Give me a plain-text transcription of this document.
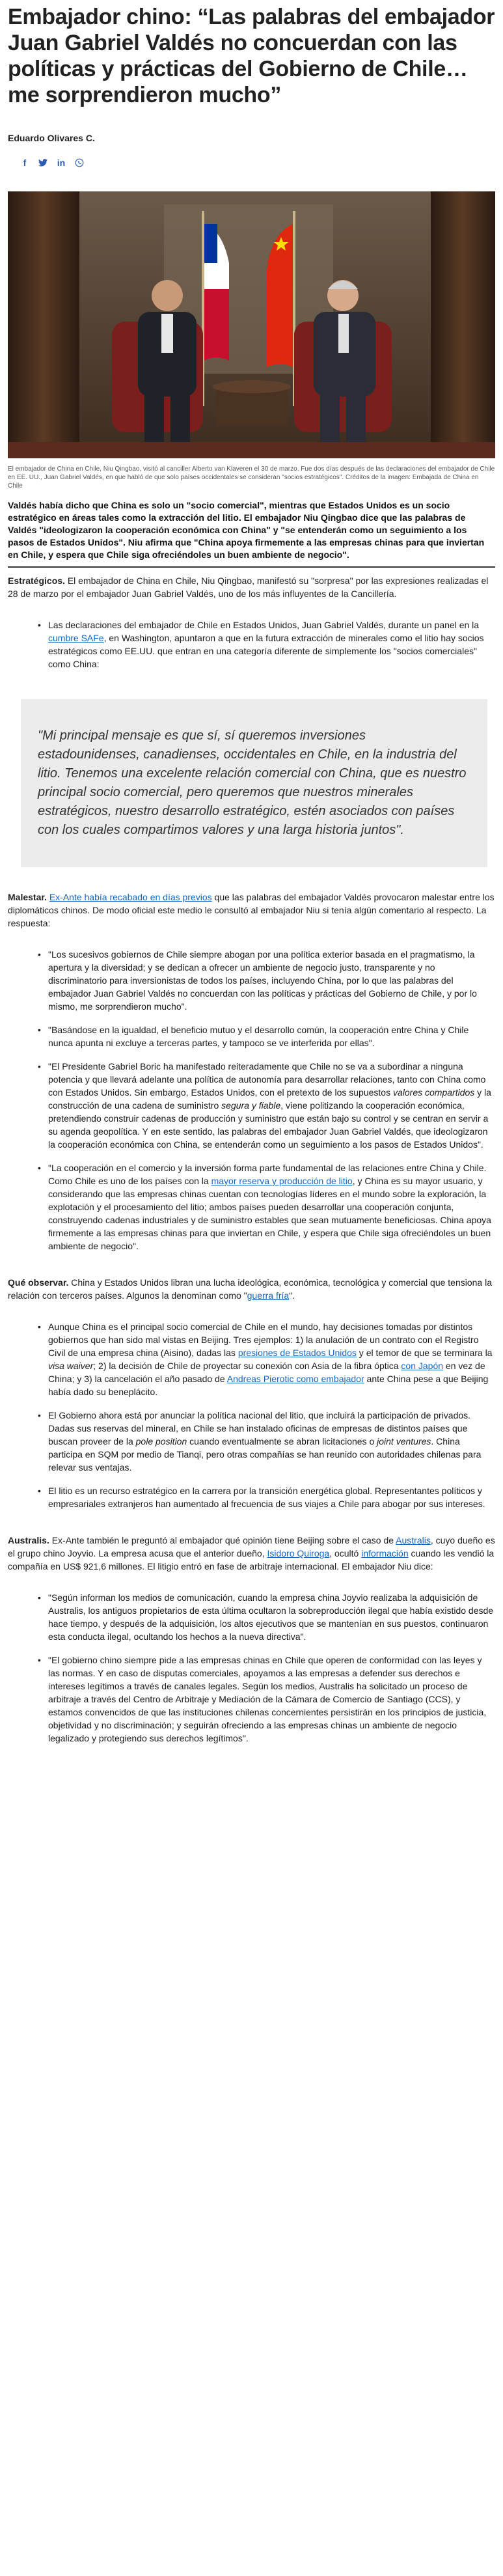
Embajador chino: “Las palabras del embajador Juan Gabriel Valdés no concuerdan con las políticas y prácticas del Gobierno de Chile… me sorprendieron mucho”
Eduardo Olivares C.
f	in

El embajador de China en Chile, Niu Qingbao, visitó al canciller Alberto van Klaveren el 30 de marzo. Fue dos días después de las declaraciones del embajador de Chile en EE. UU., Juan Gabriel Valdés, en que habló de que solo países occidentales se consideran "socios estratégicos". Créditos de la imagen: Embajada de China en Chile

Valdés había dicho que China es solo un "socio comercial", mientras que Estados Unidos es un socio estratégico en áreas tales como la extracción del litio. El embajador Niu Qingbao dice que las palabras de Valdés "ideologizaron la cooperación económica con China" y "se entenderán como un seguimiento a los pasos de Estados Unidos". Niu afirma que "China apoya firmemente a las empresas chinas para que inviertan en Chile, y espera que Chile siga ofreciéndoles un buen ambiente de negocio".

Estratégicos. El embajador de China en Chile, Niu Qingbao, manifestó su "sorpresa" por las expresiones realizadas el 28 de marzo por el embajador Juan Gabriel Valdés, uno de los más influyentes de la Cancillería.

• Las declaraciones del embajador de Chile en Estados Unidos, Juan Gabriel Valdés, durante un panel en la cumbre SAFe, en Washington, apuntaron a que en la futura extracción de minerales como el litio hay socios estratégicos como EE.UU. que entran en una categoría diferente de simplemente los "socios comerciales" como China:
"Mi principal mensaje es que sí, sí queremos inversiones estadounidenses, canadienses, occidentales en Chile, en la industria del litio. Tenemos una excelente relación comercial con China, que es nuestro principal socio comercial, pero queremos que nuestros minerales estratégicos, nuestro desarrollo estratégico, estén asociados con países con los cuales compartimos valores y una larga historia juntos".

Malestar. Ex-Ante había recabado en días previos que las palabras del embajador Valdés provocaron malestar entre los diplomáticos chinos. De modo oficial este medio le consultó al embajador Niu si tenía algún comentario al respecto. La respuesta:

• "Los sucesivos gobiernos de Chile siempre abogan por una política exterior basada en el pragmatismo, la apertura y la diversidad; y se dedican a ofrecer un ambiente de negocio justo, transparente y no discriminatorio para inversionistas de todos los países, incluyendo China, por lo que las palabras del embajador Juan Gabriel Valdés no concuerdan con las políticas y prácticas del Gobierno de Chile, y por lo mismo, me sorprendieron mucho".
• "Basándose en la igualdad, el beneficio mutuo y el desarrollo común, la cooperación entre China y Chile nunca apunta ni excluye a terceras partes, y tampoco se ve interferida por ellas".
• "El Presidente Gabriel Boric ha manifestado reiteradamente que Chile no se va a subordinar a ninguna potencia y que llevará adelante una política de autonomía para desarrollar relaciones, tanto con China como con Estados Unidos. Sin embargo, Estados Unidos, con el pretexto de los supuestos valores compartidos y la construcción de una cadena de suministro segura y fiable, viene politizando la cooperación económica, pretendiendo construir cadenas de producción y suministro que están bajo su control y se centran en servir a su agenda geopolítica. Y en este sentido, las palabras del embajador Juan Gabriel Valdés, que ideologizaron la cooperación económica con China, se entenderán como un seguimiento a los pasos de Estados Unidos".
• "La cooperación en el comercio y la inversión forma parte fundamental de las relaciones entre China y Chile. Como Chile es uno de los países con la mayor reserva y producción de litio, y China es su mayor usuario, y considerando que las empresas chinas cuentan con tecnologías líderes en el mundo sobre la exploración, la explotación y el procesamiento del litio; ambos países pueden desarrollar una cooperación conjunta, construyendo cadenas industriales y de suministro estables que sean mutuamente beneficiosas. China apoya firmemente a las empresas chinas para que inviertan en Chile, y espera que Chile siga ofreciéndoles un buen ambiente de negocio".

Qué observar. China y Estados Unidos libran una lucha ideológica, económica, tecnológica y comercial que tensiona la relación con terceros países. Algunos la denominan como "guerra fría".

• Aunque China es el principal socio comercial de Chile en el mundo, hay decisiones tomadas por distintos gobiernos que han sido mal vistas en Beijing. Tres ejemplos: 1) la anulación de un contrato con el Registro Civil de una empresa china (Aisino), dadas las presiones de Estados Unidos y el temor de que se terminara la visa waiver; 2) la decisión de Chile de proyectar su conexión con Asia de la fibra óptica con Japón en vez de China; y 3) la cancelación el año pasado de Andreas Pierotic como embajador ante China pese a que Beijing había dado su beneplácito.
• El Gobierno ahora está por anunciar la política nacional del litio, que incluirá la participación de privados. Dadas sus reservas del mineral, en Chile se han instalado oficinas de empresas de distintos países que buscan proveer de la pole position cuando eventualmente se abran licitaciones o joint ventures. China participa en SQM por medio de Tianqi, pero otras compañías se han reunido con autoridades chilenas para relevar sus ventajas.
• El litio es un recurso estratégico en la carrera por la transición energética global. Representantes políticos y empresariales extranjeros han aumentado al frecuencia de sus viajes a Chile para abogar por sus intereses.

Australis. Ex-Ante también le preguntó al embajador qué opinión tiene Beijing sobre el caso de Australis, cuyo dueño es el grupo chino Joyvio. La empresa acusa que el anterior dueño, Isidoro Quiroga, ocultó información cuando les vendió la compañía en US$ 921,6 millones. El litigio entró en fase de arbitraje internacional. El embajador Niu dice:

• "Según informan los medios de comunicación, cuando la empresa china Joyvio realizaba la adquisición de Australis, los antiguos propietarios de esta última ocultaron la sobreproducción ilegal que había existido desde hace tiempo, y después de la adquisición, los altos ejecutivos que se mantenían en sus puestos, continuaron esta conducta ilegal, ocultando los hechos a la nueva directiva".
• "El gobierno chino siempre pide a las empresas chinas en Chile que operen de conformidad con las leyes y las normas. Y en caso de disputas comerciales, apoyamos a las empresas a defender sus derechos e intereses legítimos a través de canales legales. Según los medios, Australis ha solicitado un proceso de arbitraje a través del Centro de Arbitraje y Mediación de la Cámara de Comercio de Santiago (CCS), y estamos convencidos de que las instituciones chilenas concernientes persistirán en los principios de justicia, objetividad y no discriminación; y seguirán ofreciendo a las empresas chinas un ambiente de negocio legalizado y protegiendo sus derechos legítimos".
